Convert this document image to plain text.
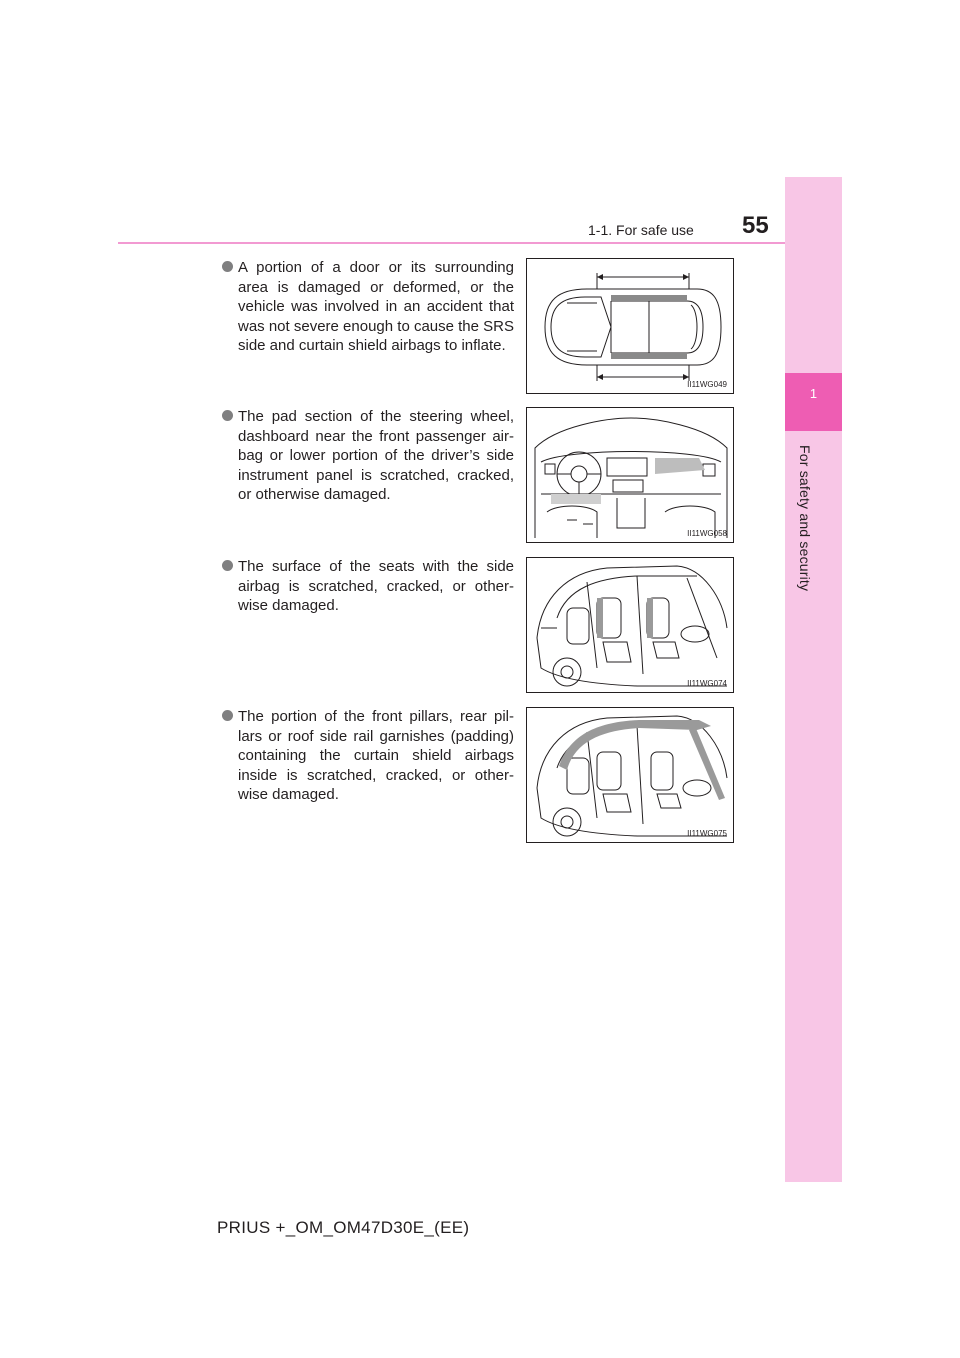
1
For safety and security
1-1. For safe use 55
A portion of a door or its surrounding area is damaged or deformed, or the vehicle was involved in an accident that was not severe enough to cause the SRS side and curtain shield airbags to inflate.
II11WG049
The pad section of the steering wheel, dashboard near the front passenger air- bag or lower portion of the driver’s side instrument panel is scratched, cracked, or otherwise damaged.
II11WG058
The surface of the seats with the side airbag is scratched, cracked, or other- wise damaged.
II11WG074
The portion of the front pillars, rear pil- lars or roof side rail garnishes (padding) containing the curtain shield airbags inside is scratched, cracked, or other- wise damaged.
II11WG075
PRIUS +_OM_OM47D30E_(EE)
